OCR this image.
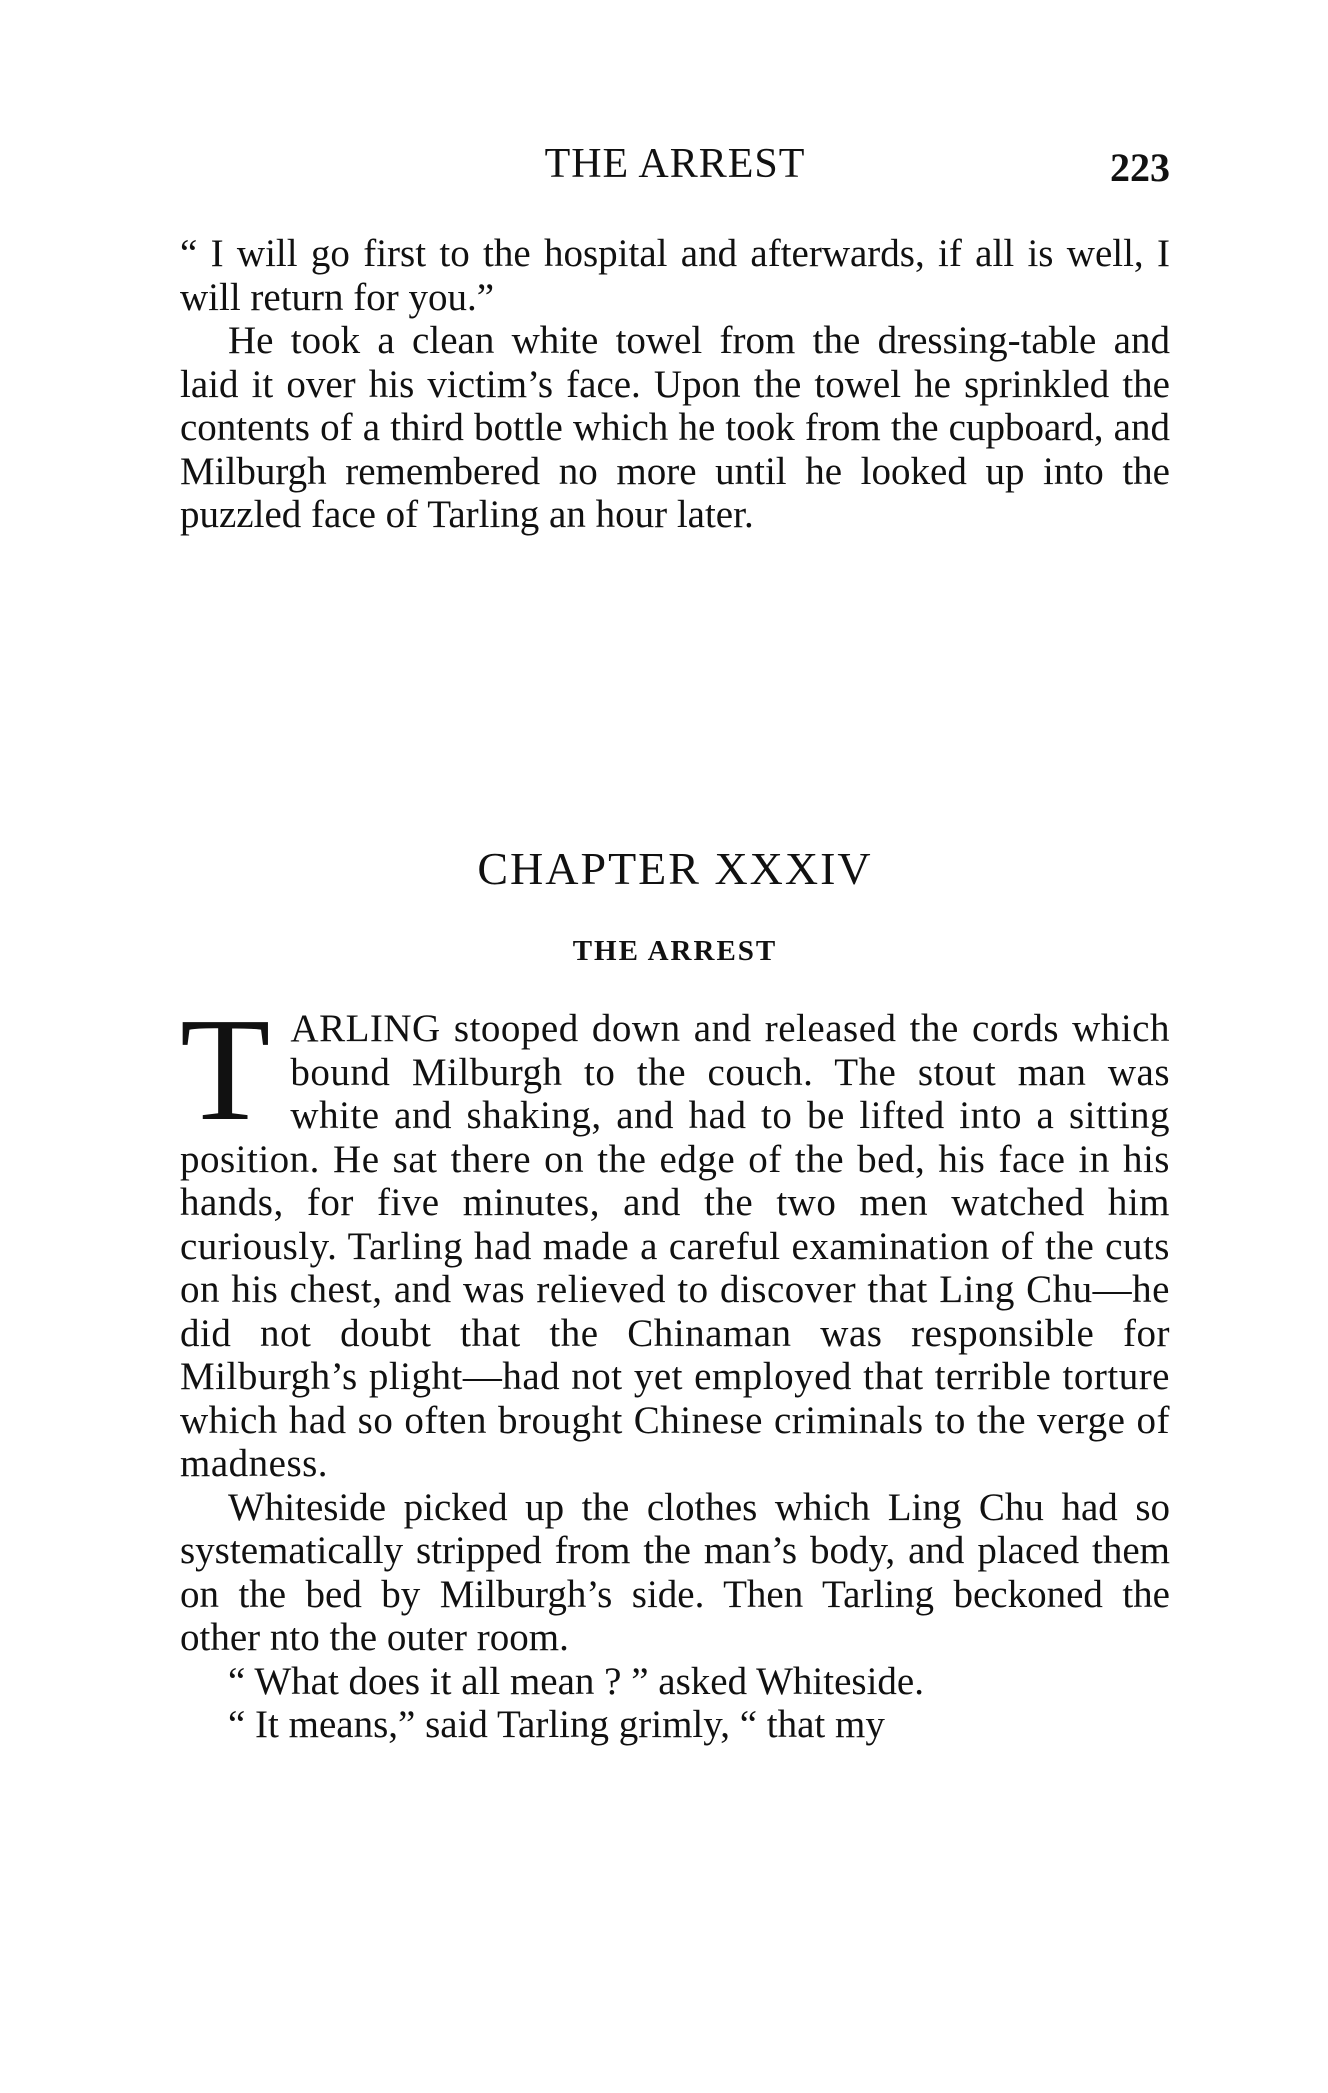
THE ARREST	223

“ I will go first to the hospital and afterwards, if all is well, I will return for you.”

He took a clean white towel from the dressing-table and laid it over his victim’s face. Upon the towel he sprinkled the contents of a third bottle which he took from the cupboard, and Milburgh remembered no more until he looked up into the puzzled face of Tarling an hour later.

CHAPTER XXXIV
THE ARREST

TARLING stooped down and released the cords which bound Milburgh to the couch. The stout man was white and shaking, and had to be lifted into a sitting position. He sat there on the edge of the bed, his face in his hands, for five minutes, and the two men watched him curiously. Tarling had made a careful examination of the cuts on his chest, and was relieved to discover that Ling Chu—he did not doubt that the Chinaman was responsible for Milburgh’s plight—had not yet employed that terrible torture which had so often brought Chinese criminals to the verge of madness.

Whiteside picked up the clothes which Ling Chu had so systematically stripped from the man’s body, and placed them on the bed by Milburgh’s side. Then Tarling beckoned the other nto the outer room.

“ What does it all mean ? ” asked Whiteside.

“ It means,” said Tarling grimly, “ that my
